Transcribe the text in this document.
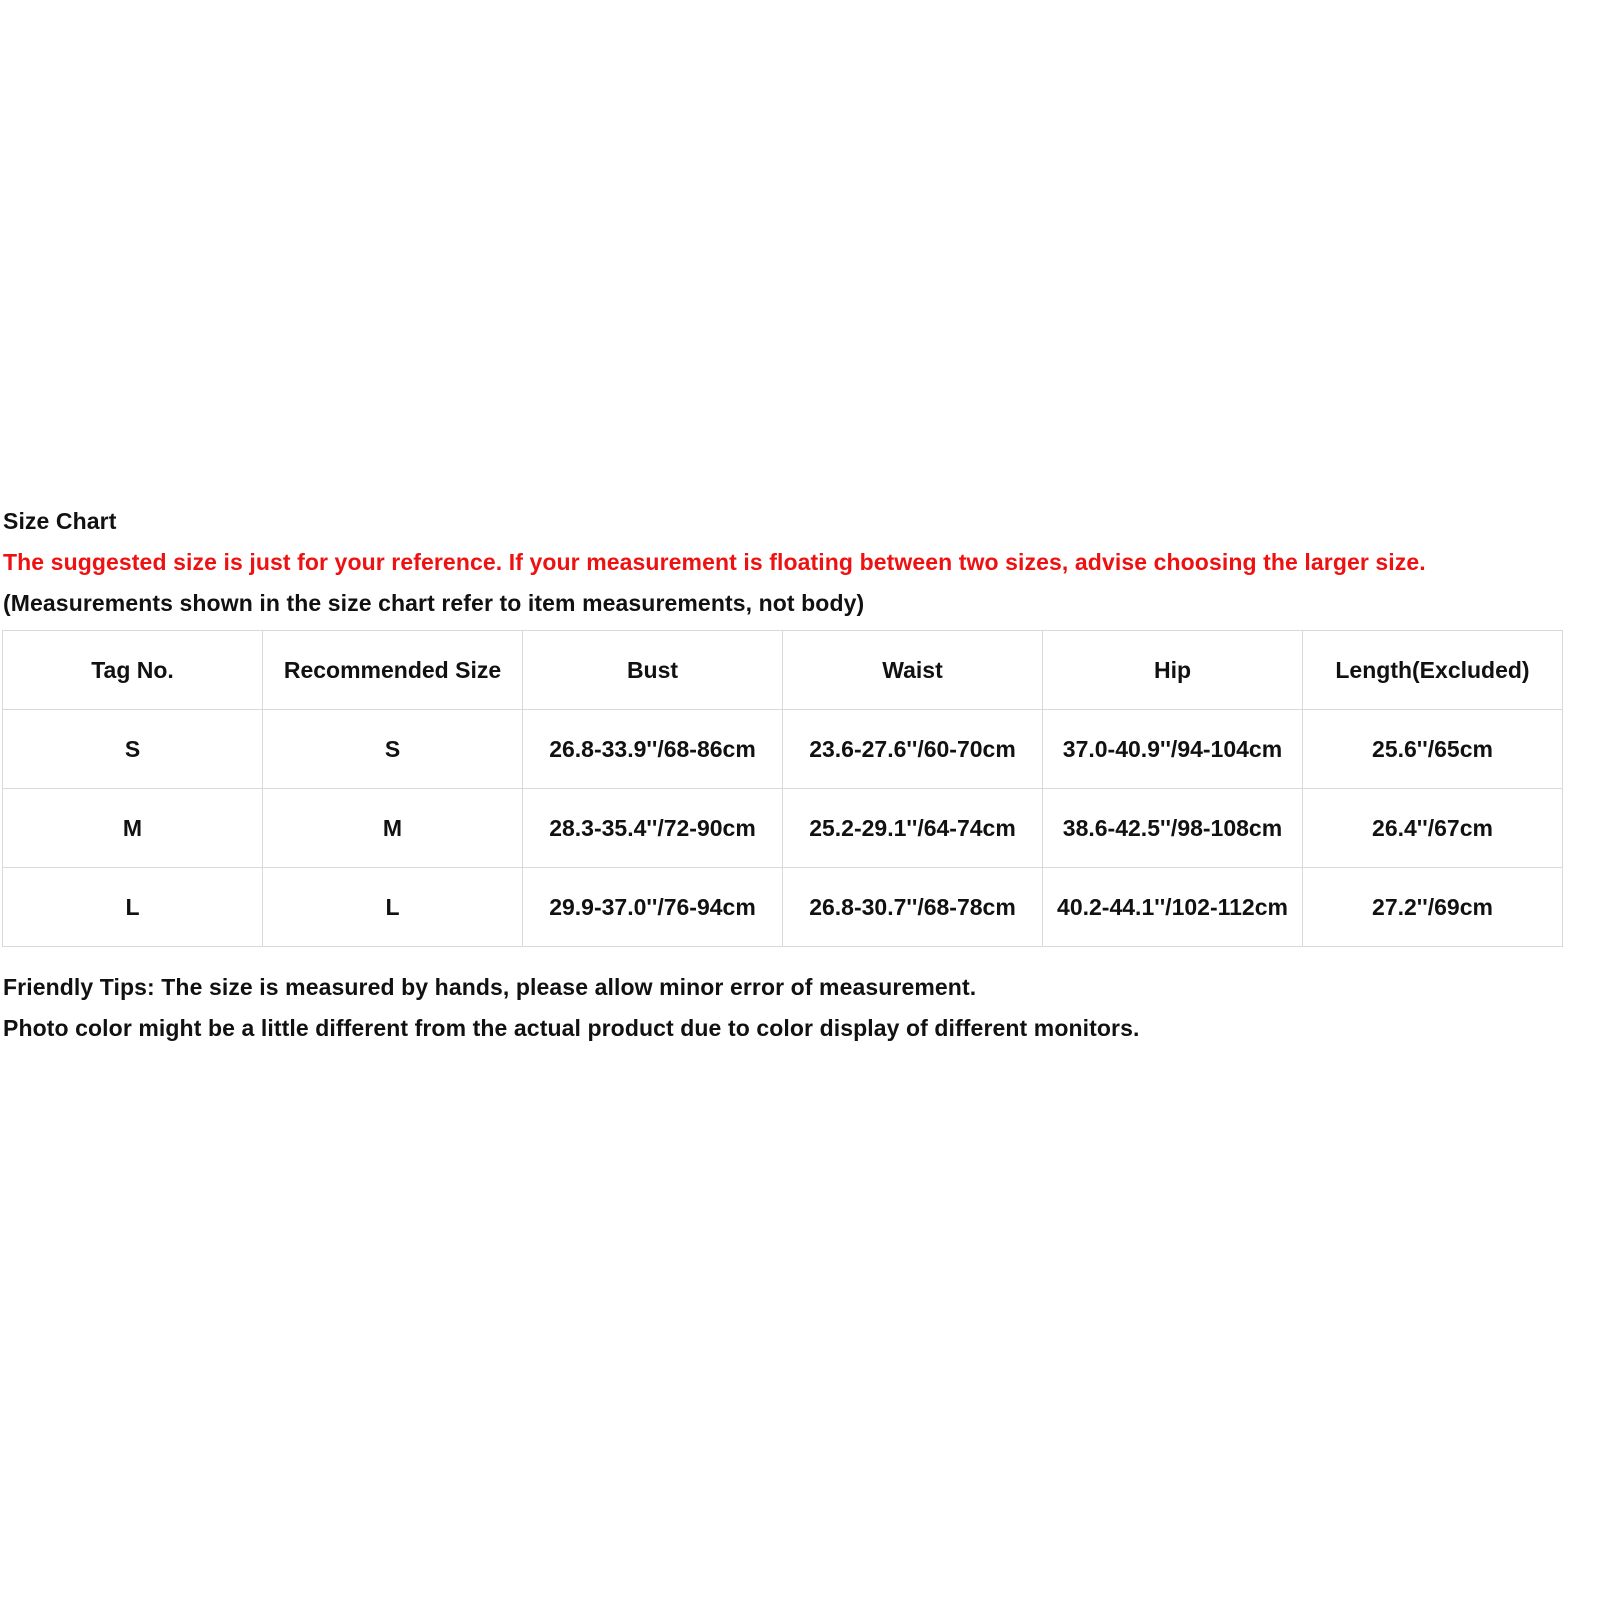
Size Chart
The suggested size is just for your reference. If your measurement is floating between two sizes, advise choosing the larger size.
(Measurements shown in the size chart refer to item measurements, not body)
Tag No.	Recommended Size	Bust	Waist	Hip	Length(Excluded)
S	S	26.8-33.9''/68-86cm	23.6-27.6''/60-70cm	37.0-40.9''/94-104cm	25.6''/65cm
M	M	28.3-35.4''/72-90cm	25.2-29.1''/64-74cm	38.6-42.5''/98-108cm	26.4''/67cm
L	L	29.9-37.0''/76-94cm	26.8-30.7''/68-78cm	40.2-44.1''/102-112cm	27.2''/69cm
Friendly Tips: The size is measured by hands, please allow minor error of measurement.
Photo color might be a little different from the actual product due to color display of different monitors.
